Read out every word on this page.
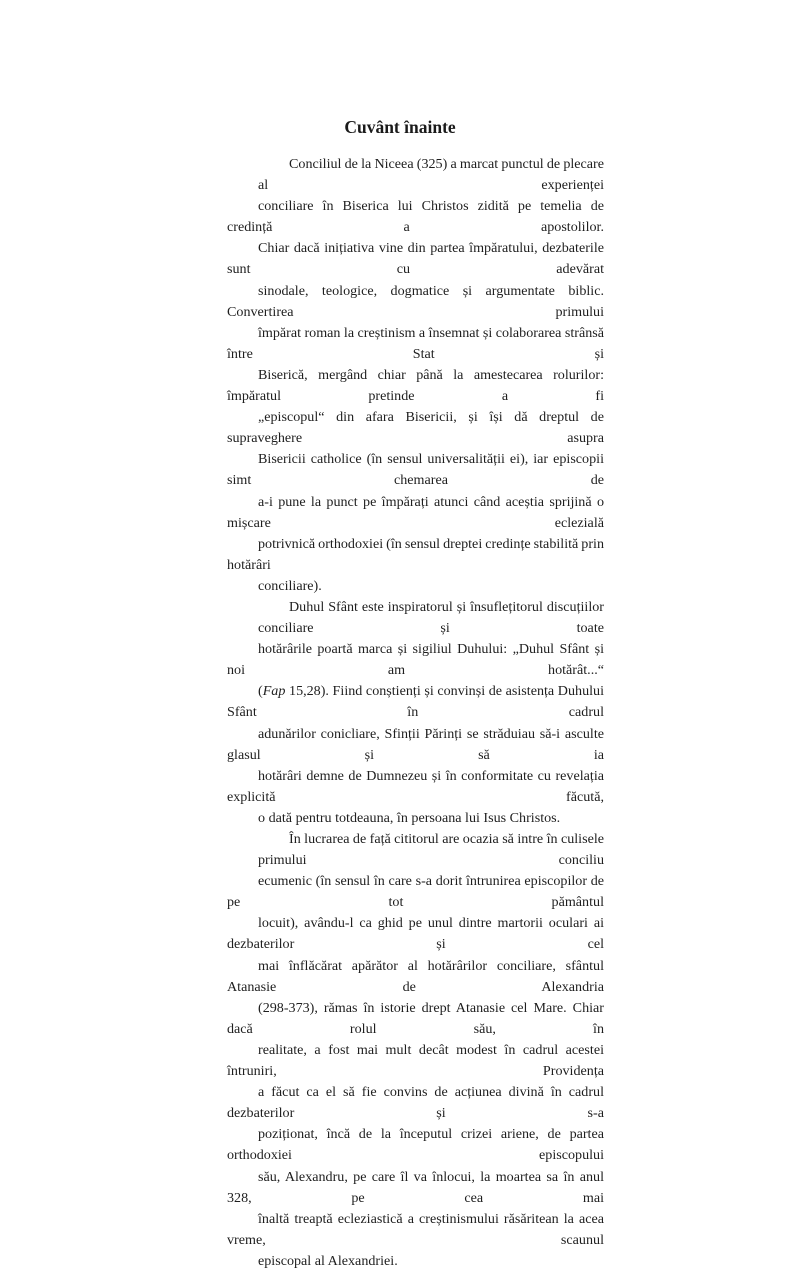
Cuvânt înainte
Conciliul de la Niceea (325) a marcat punctul de plecare al experienței
conciliare în Biserica lui Christos zidită pe temelia de credință a apostolilor.
Chiar dacă inițiativa vine din partea împăratului, dezbaterile sunt cu adevărat
sinodale, teologice, dogmatice și argumentate biblic. Convertirea primului
împărat roman la creștinism a însemnat și colaborarea strânsă între Stat și
Biserică, mergând chiar până la amestecarea rolurilor: împăratul pretinde a fi
„episcopul“ din afara Bisericii, și își dă dreptul de supraveghere asupra
Bisericii catholice (în sensul universalității ei), iar episcopii simt chemarea de
a-i pune la punct pe împărați atunci când aceștia sprijină o mișcare eclezială
potrivnică orthodoxiei (în sensul dreptei credințe stabilită prin hotărâri
conciliare).
Duhul Sfânt este inspiratorul și însuflețitorul discuțiilor conciliare și toate
hotărârile poartă marca și sigiliul Duhului: „Duhul Sfânt și noi am hotărât...“
(Fap 15,28). Fiind conștienți și convinși de asistența Duhului Sfânt în cadrul
adunărilor conicliare, Sfinții Părinți se străduiau să-i asculte glasul și să ia
hotărâri demne de Dumnezeu și în conformitate cu revelația explicită făcută,
o dată pentru totdeauna, în persoana lui Isus Christos.
În lucrarea de față cititorul are ocazia să intre în culisele primului conciliu
ecumenic (în sensul în care s-a dorit întrunirea episcopilor de pe tot pământul
locuit), avându-l ca ghid pe unul dintre martorii oculari ai dezbaterilor și cel
mai înflăcărat apărător al hotărârilor conciliare, sfântul Atanasie de Alexandria
(298-373), rămas în istorie drept Atanasie cel Mare. Chiar dacă rolul său, în
realitate, a fost mai mult decât modest în cadrul acestei întruniri, Providența
a făcut ca el să fie convins de acțiunea divină în cadrul dezbaterilor și s-a
poziționat, încă de la începutul crizei ariene, de partea orthodoxiei episcopului
său, Alexandru, pe care îl va înlocui, la moartea sa în anul 328, pe cea mai
înaltă treaptă ecleziastică a creștinismului răsăritean la acea vreme, scaunul
episcopal al Alexandriei.
